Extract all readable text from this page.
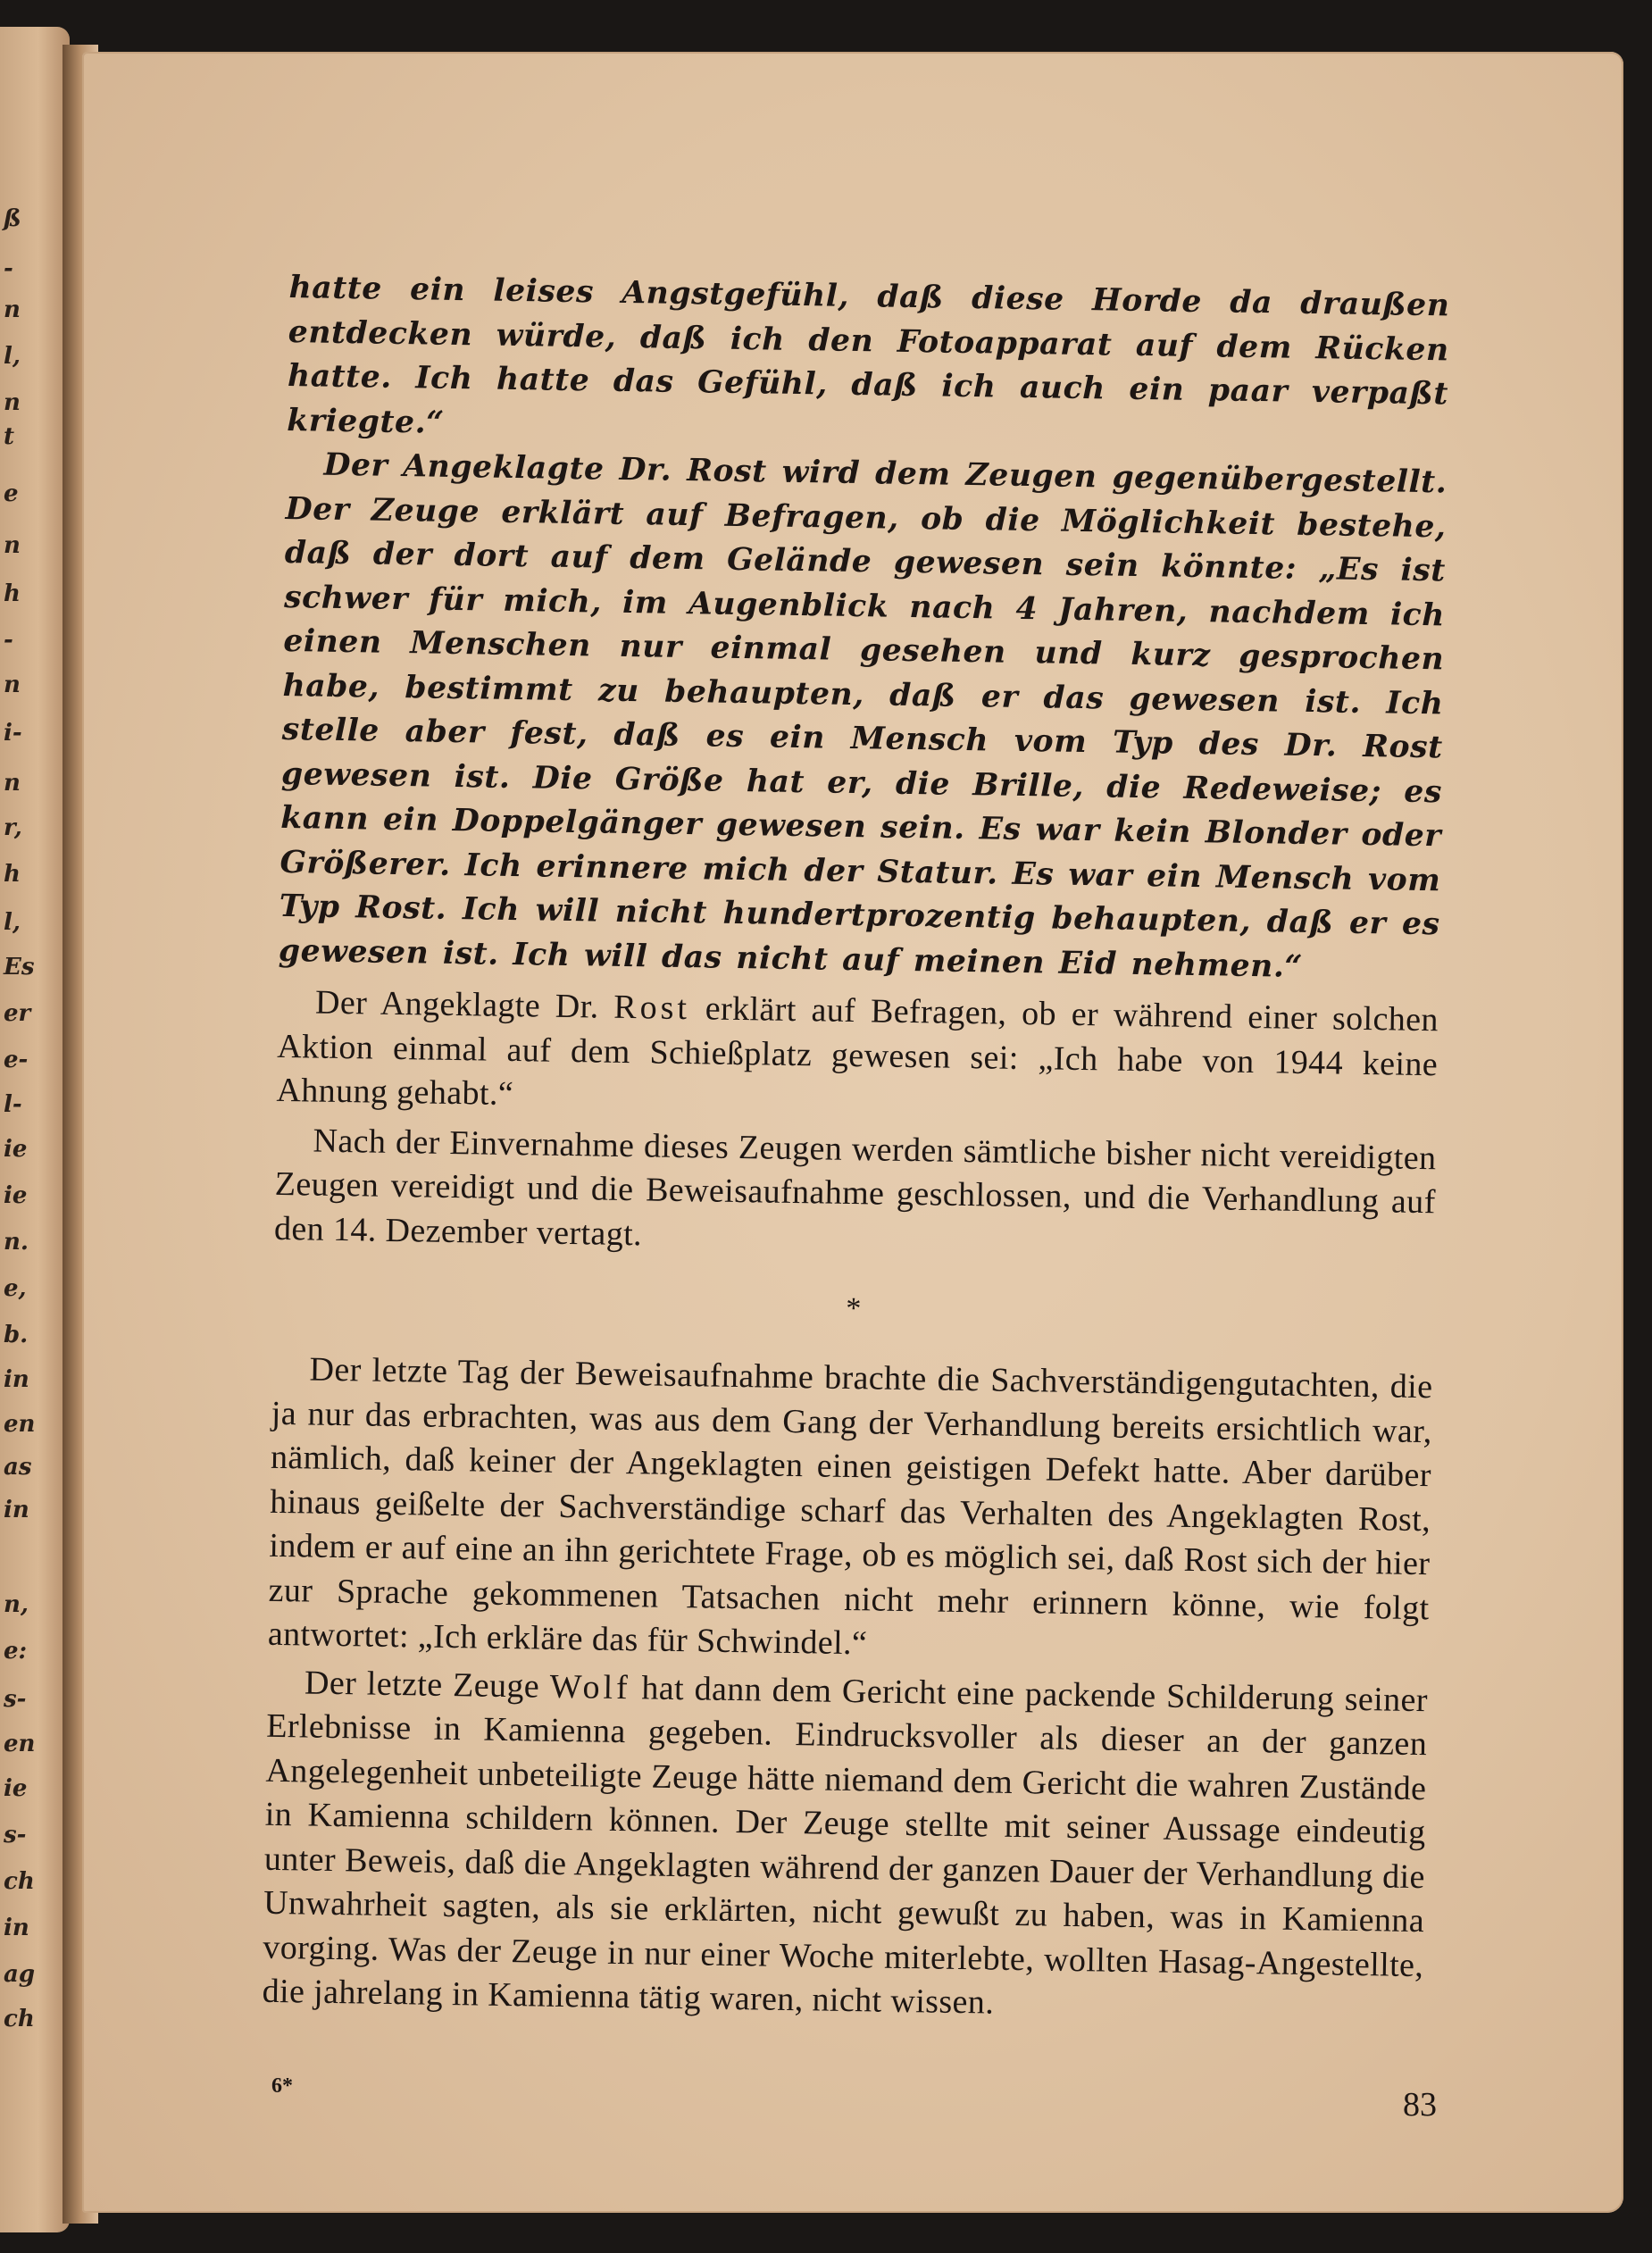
ß
-
n
l,
n
t
e
n
h
-
n
i-
n
r,
h
l,
Es
er
e-
l-
ie
ie
n.
e,
b.
in
en
as
in
n,
e:
s-
en
ie
s-
ch
in
ag
ch

hatte ein leises Angstgefühl, daß diese Horde da draußen entdecken würde, daß ich den Fotoapparat auf dem Rücken hatte. Ich hatte das Gefühl, daß ich auch ein paar verpaßt kriegte.“

Der Angeklagte Dr. Rost wird dem Zeugen gegenübergestellt. Der Zeuge erklärt auf Befragen, ob die Möglichkeit bestehe, daß der dort auf dem Gelände gewesen sein könnte: „Es ist schwer für mich, im Augenblick nach 4 Jahren, nachdem ich einen Menschen nur einmal gesehen und kurz gesprochen habe, bestimmt zu behaupten, daß er das gewesen ist. Ich stelle aber fest, daß es ein Mensch vom Typ des Dr. Rost gewesen ist. Die Größe hat er, die Brille, die Redeweise; es kann ein Doppelgänger gewesen sein. Es war kein Blonder oder Größerer. Ich erinnere mich der Statur. Es war ein Mensch vom Typ Rost. Ich will nicht hundertprozentig behaupten, daß er es gewesen ist. Ich will das nicht auf meinen Eid nehmen.“

Der Angeklagte Dr. Rost erklärt auf Befragen, ob er während einer solchen Aktion einmal auf dem Schießplatz gewesen sei: „Ich habe von 1944 keine Ahnung gehabt.“

Nach der Einvernahme dieses Zeugen werden sämtliche bisher nicht vereidigten Zeugen vereidigt und die Beweisaufnahme geschlossen, und die Verhandlung auf den 14. Dezember vertagt.

*

Der letzte Tag der Beweisaufnahme brachte die Sachverständigengutachten, die ja nur das erbrachten, was aus dem Gang der Verhandlung bereits ersichtlich war, nämlich, daß keiner der Angeklagten einen geistigen Defekt hatte. Aber darüber hinaus geißelte der Sachverständige scharf das Verhalten des Angeklagten Rost, indem er auf eine an ihn gerichtete Frage, ob es möglich sei, daß Rost sich der hier zur Sprache gekommenen Tatsachen nicht mehr erinnern könne, wie folgt antwortet: „Ich erkläre das für Schwindel.“

Der letzte Zeuge Wolf hat dann dem Gericht eine packende Schilderung seiner Erlebnisse in Kamienna gegeben. Eindrucksvoller als dieser an der ganzen Angelegenheit unbeteiligte Zeuge hätte niemand dem Gericht die wahren Zustände in Kamienna schildern können. Der Zeuge stellte mit seiner Aussage eindeutig unter Beweis, daß die Angeklagten während der ganzen Dauer der Verhandlung die Unwahrheit sagten, als sie erklärten, nicht gewußt zu haben, was in Kamienna vorging. Was der Zeuge in nur einer Woche miterlebte, wollten Hasag-Angestellte, die jahrelang in Kamienna tätig waren, nicht wissen.

6*	83
